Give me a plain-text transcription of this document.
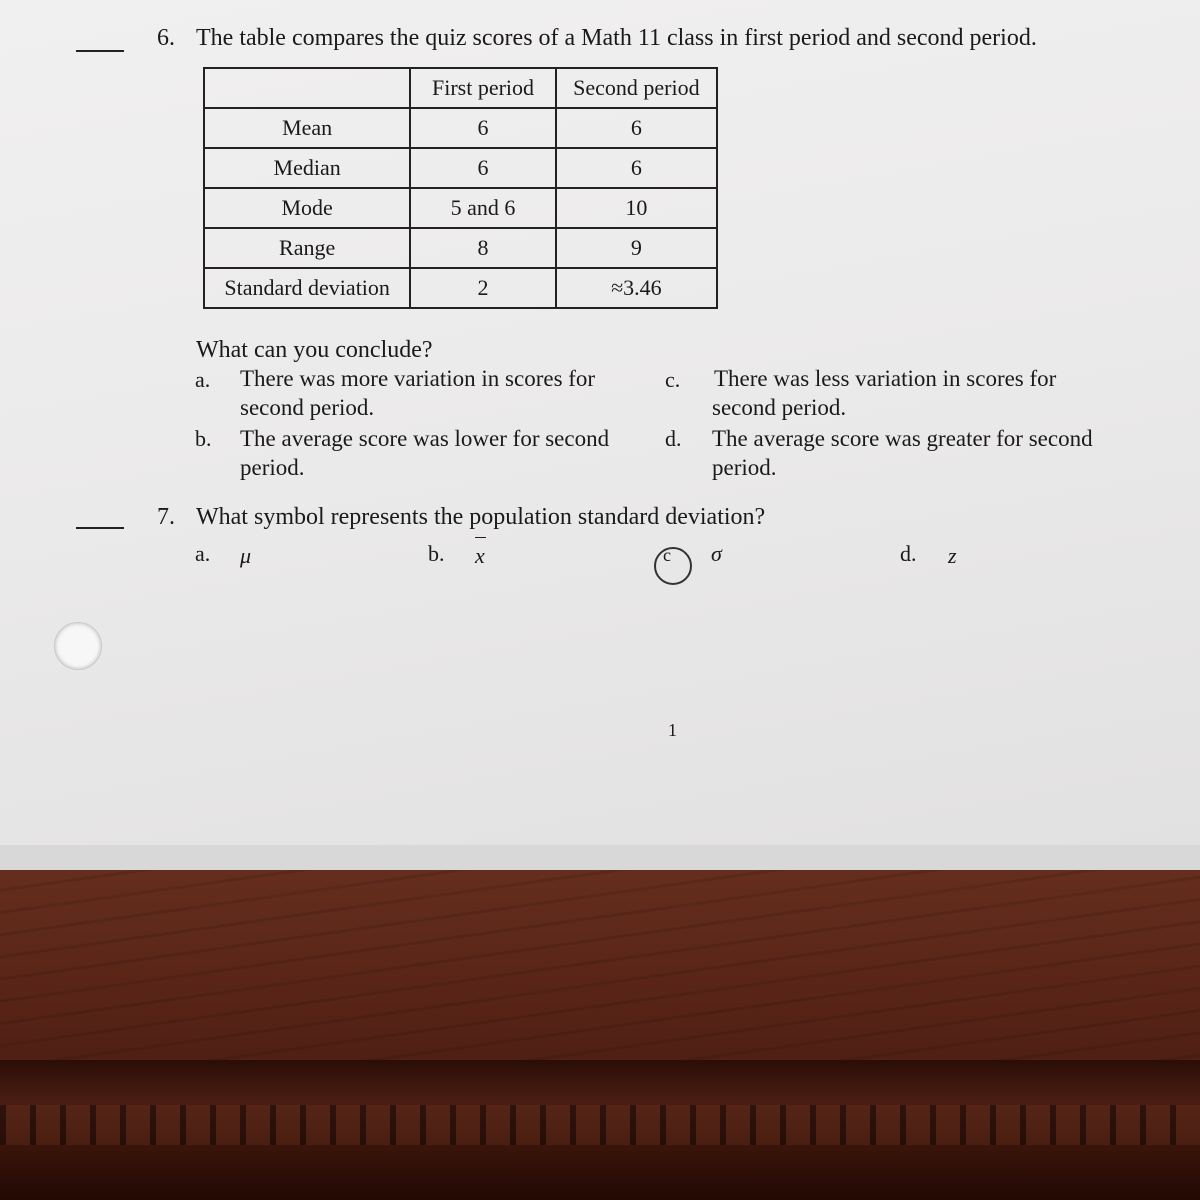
6. The table compares the quiz scores of a Math 11 class in first period and second period.
	First period	Second period
Mean	6	6
Median	6	6
Mode	5 and 6	10
Range	8	9
Standard deviation	2	≈3.46
What can you conclude?
a. There was more variation in scores for
second period.
b. The average score was lower for second
period.
c. There was less variation in scores for
second period.
d. The average score was greater for second
period.
7. What symbol represents the population standard deviation?
a. μ	b. x	c σ	d. z
1
